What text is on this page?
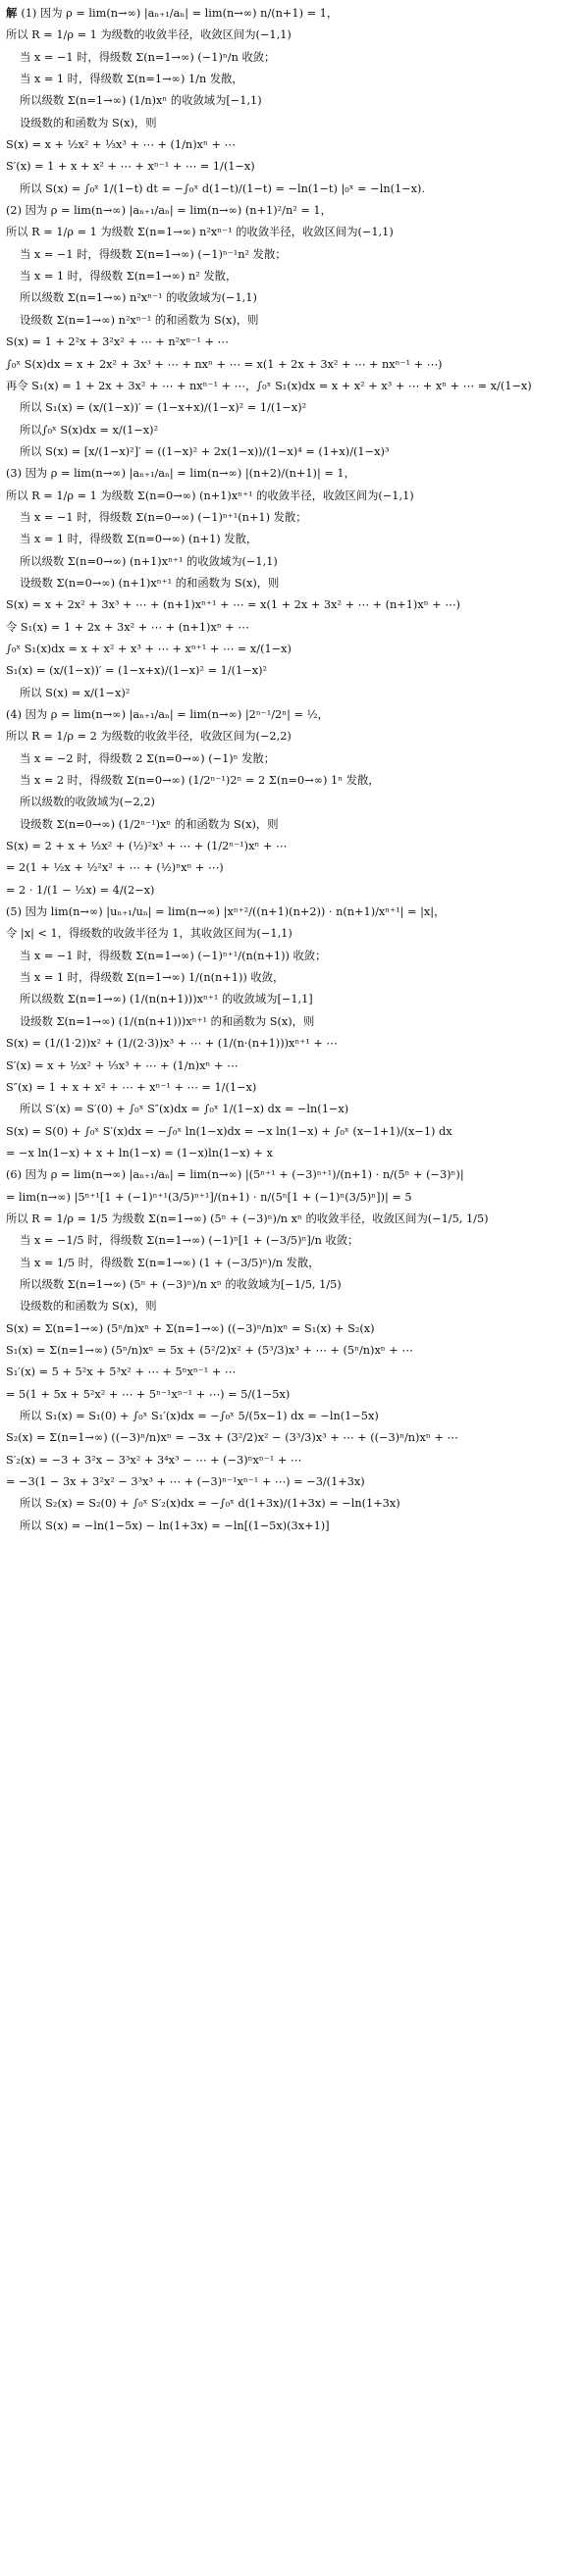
解 (1) 因为 ρ = lim(n→∞) |aₙ₊₁/aₙ| = lim(n→∞) n/(n+1) = 1，
所以 R = 1/ρ = 1 为级数的收敛半径，收敛区间为(−1,1)
当 x = −1 时，得级数 Σ(n=1→∞) (−1)ⁿ/n 收敛；
当 x = 1 时，得级数 Σ(n=1→∞) 1/n 发散，
所以级数 Σ(n=1→∞) (1/n)xⁿ 的收敛域为[−1,1)
设级数的和函数为 S(x)，则
S(x) = x + ½x² + ⅓x³ + ⋯ + (1/n)xⁿ + ⋯
S′(x) = 1 + x + x² + ⋯ + xⁿ⁻¹ + ⋯ = 1/(1−x)
所以 S(x) = ∫₀ˣ 1/(1−t) dt = −∫₀ˣ d(1−t)/(1−t) = −ln(1−t) |₀ˣ = −ln(1−x).
(2) 因为 ρ = lim(n→∞) |aₙ₊₁/aₙ| = lim(n→∞) (n+1)²/n² = 1，
所以 R = 1/ρ = 1 为级数 Σ(n=1→∞) n²xⁿ⁻¹ 的收敛半径，收敛区间为(−1,1)
当 x = −1 时，得级数 Σ(n=1→∞) (−1)ⁿ⁻¹n² 发散；
当 x = 1 时，得级数 Σ(n=1→∞) n² 发散，
所以级数 Σ(n=1→∞) n²xⁿ⁻¹ 的收敛域为(−1,1)
设级数 Σ(n=1→∞) n²xⁿ⁻¹ 的和函数为 S(x)，则
S(x) = 1 + 2²x + 3²x² + ⋯ + n²xⁿ⁻¹ + ⋯
∫₀ˣ S(x)dx = x + 2x² + 3x³ + ⋯ + nxⁿ + ⋯ = x(1 + 2x + 3x² + ⋯ + nxⁿ⁻¹ + ⋯)
再令 S₁(x) = 1 + 2x + 3x² + ⋯ + nxⁿ⁻¹ + ⋯，∫₀ˣ S₁(x)dx = x + x² + x³ + ⋯ + xⁿ + ⋯ = x/(1−x)
所以 S₁(x) = (x/(1−x))′ = (1−x+x)/(1−x)² = 1/(1−x)²
所以∫₀ˣ S(x)dx = x/(1−x)²
所以 S(x) = [x/(1−x)²]′ = ((1−x)² + 2x(1−x))/(1−x)⁴ = (1+x)/(1−x)³
(3) 因为 ρ = lim(n→∞) |aₙ₊₁/aₙ| = lim(n→∞) |(n+2)/(n+1)| = 1，
所以 R = 1/ρ = 1 为级数 Σ(n=0→∞) (n+1)xⁿ⁺¹ 的收敛半径，收敛区间为(−1,1)
当 x = −1 时，得级数 Σ(n=0→∞) (−1)ⁿ⁺¹(n+1) 发散；
当 x = 1 时，得级数 Σ(n=0→∞) (n+1) 发散，
所以级数 Σ(n=0→∞) (n+1)xⁿ⁺¹ 的收敛域为(−1,1)
设级数 Σ(n=0→∞) (n+1)xⁿ⁺¹ 的和函数为 S(x)，则
S(x) = x + 2x² + 3x³ + ⋯ + (n+1)xⁿ⁺¹ + ⋯ = x(1 + 2x + 3x² + ⋯ + (n+1)xⁿ + ⋯)
令 S₁(x) = 1 + 2x + 3x² + ⋯ + (n+1)xⁿ + ⋯
∫₀ˣ S₁(x)dx = x + x² + x³ + ⋯ + xⁿ⁺¹ + ⋯ = x/(1−x)
S₁(x) = (x/(1−x))′ = (1−x+x)/(1−x)² = 1/(1−x)²
所以 S(x) = x/(1−x)²
(4) 因为 ρ = lim(n→∞) |aₙ₊₁/aₙ| = lim(n→∞) |2ⁿ⁻¹/2ⁿ| = ½，
所以 R = 1/ρ = 2 为级数的收敛半径，收敛区间为(−2,2)
当 x = −2 时，得级数 2 Σ(n=0→∞) (−1)ⁿ 发散；
当 x = 2 时，得级数 Σ(n=0→∞) (1/2ⁿ⁻¹)2ⁿ = 2 Σ(n=0→∞) 1ⁿ 发散，
所以级数的收敛域为(−2,2)
设级数 Σ(n=0→∞) (1/2ⁿ⁻¹)xⁿ 的和函数为 S(x)，则
S(x) = 2 + x + ½x² + (½)²x³ + ⋯ + (1/2ⁿ⁻¹)xⁿ + ⋯
= 2(1 + ½x + ½²x² + ⋯ + (½)ⁿxⁿ + ⋯)
= 2 · 1/(1 − ½x) = 4/(2−x)
(5) 因为 lim(n→∞) |uₙ₊₁/uₙ| = lim(n→∞) |xⁿ⁺²/((n+1)(n+2)) · n(n+1)/xⁿ⁺¹| = |x|，
令 |x| < 1，得级数的收敛半径为 1，其收敛区间为(−1,1)
当 x = −1 时，得级数 Σ(n=1→∞) (−1)ⁿ⁺¹/(n(n+1)) 收敛；
当 x = 1 时，得级数 Σ(n=1→∞) 1/(n(n+1)) 收敛，
所以级数 Σ(n=1→∞) (1/(n(n+1)))xⁿ⁺¹ 的收敛域为[−1,1]
设级数 Σ(n=1→∞) (1/(n(n+1)))xⁿ⁺¹ 的和函数为 S(x)，则
S(x) = (1/(1·2))x² + (1/(2·3))x³ + ⋯ + (1/(n·(n+1)))xⁿ⁺¹ + ⋯
S′(x) = x + ½x² + ⅓x³ + ⋯ + (1/n)xⁿ + ⋯
S″(x) = 1 + x + x² + ⋯ + xⁿ⁻¹ + ⋯ = 1/(1−x)
所以 S′(x) = S′(0) + ∫₀ˣ S″(x)dx = ∫₀ˣ 1/(1−x) dx = −ln(1−x)
S(x) = S(0) + ∫₀ˣ S′(x)dx = −∫₀ˣ ln(1−x)dx = −x ln(1−x) + ∫₀ˣ (x−1+1)/(x−1) dx
= −x ln(1−x) + x + ln(1−x) = (1−x)ln(1−x) + x
(6) 因为 ρ = lim(n→∞) |aₙ₊₁/aₙ| = lim(n→∞) |(5ⁿ⁺¹ + (−3)ⁿ⁺¹)/(n+1) · n/(5ⁿ + (−3)ⁿ)|
= lim(n→∞) |5ⁿ⁺¹[1 + (−1)ⁿ⁺¹(3/5)ⁿ⁺¹]/(n+1) · n/(5ⁿ[1 + (−1)ⁿ(3/5)ⁿ])| = 5
所以 R = 1/ρ = 1/5 为级数 Σ(n=1→∞) (5ⁿ + (−3)ⁿ)/n xⁿ 的收敛半径，收敛区间为(−1/5, 1/5)
当 x = −1/5 时，得级数 Σ(n=1→∞) (−1)ⁿ[1 + (−3/5)ⁿ]/n 收敛；
当 x = 1/5 时，得级数 Σ(n=1→∞) (1 + (−3/5)ⁿ)/n 发散，
所以级数 Σ(n=1→∞) (5ⁿ + (−3)ⁿ)/n xⁿ 的收敛域为[−1/5, 1/5)
设级数的和函数为 S(x)，则
S(x) = Σ(n=1→∞) (5ⁿ/n)xⁿ + Σ(n=1→∞) ((−3)ⁿ/n)xⁿ = S₁(x) + S₂(x)
S₁(x) = Σ(n=1→∞) (5ⁿ/n)xⁿ = 5x + (5²/2)x² + (5³/3)x³ + ⋯ + (5ⁿ/n)xⁿ + ⋯
S₁′(x) = 5 + 5²x + 5³x² + ⋯ + 5ⁿxⁿ⁻¹ + ⋯
= 5(1 + 5x + 5²x² + ⋯ + 5ⁿ⁻¹xⁿ⁻¹ + ⋯) = 5/(1−5x)
所以 S₁(x) = S₁(0) + ∫₀ˣ S₁′(x)dx = −∫₀ˣ 5/(5x−1) dx = −ln(1−5x)
S₂(x) = Σ(n=1→∞) ((−3)ⁿ/n)xⁿ = −3x + (3²/2)x² − (3³/3)x³ + ⋯ + ((−3)ⁿ/n)xⁿ + ⋯
S′₂(x) = −3 + 3²x − 3³x² + 3⁴x³ − ⋯ + (−3)ⁿxⁿ⁻¹ + ⋯
= −3(1 − 3x + 3²x² − 3³x³ + ⋯ + (−3)ⁿ⁻¹xⁿ⁻¹ + ⋯) = −3/(1+3x)
所以 S₂(x) = S₂(0) + ∫₀ˣ S′₂(x)dx = −∫₀ˣ d(1+3x)/(1+3x) = −ln(1+3x)
所以 S(x) = −ln(1−5x) − ln(1+3x) = −ln[(1−5x)(3x+1)]
